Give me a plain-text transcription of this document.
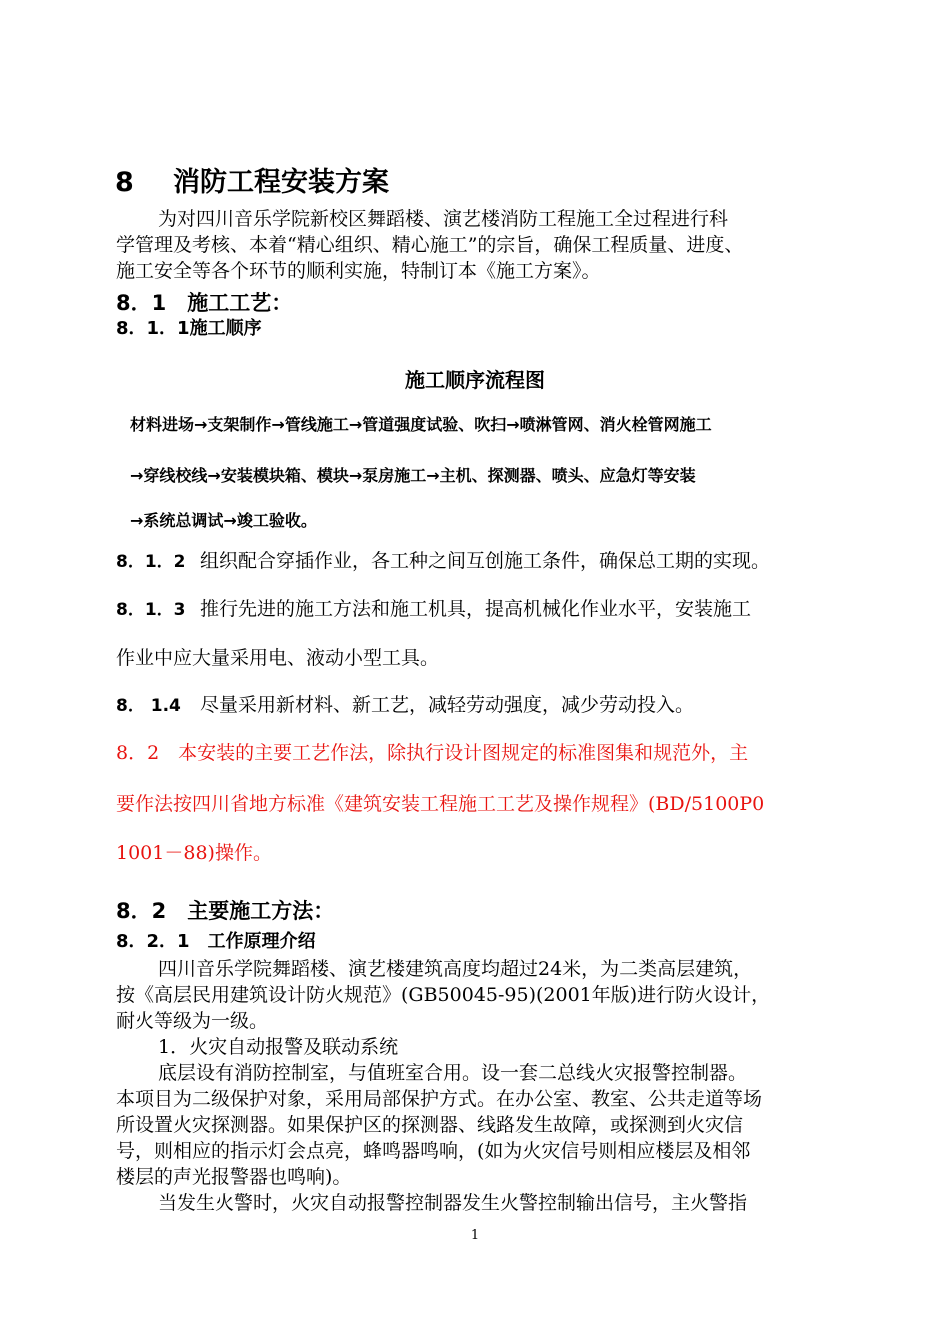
8 消防工程安装方案
为对四川音乐学院新校区舞蹈楼、演艺楼消防工程施工全过程进行科
学管理及考核、本着“精心组织、精心施工”的宗旨，确保工程质量、进度、
施工安全等各个环节的顺利实施，特制订本《施工方案》。
8．1　施工工艺：
8．1．1施工顺序
施工顺序流程图
材料进场→支架制作→管线施工→管道强度试验、吹扫→喷淋管网、消火栓管网施工
→穿线校线→安装模块箱、模块→泵房施工→主机、探测器、喷头、应急灯等安装
→系统总调试→竣工验收。
8．1．2 组织配合穿插作业，各工种之间互创施工条件，确保总工期的实现。
8．1．3 推行先进的施工方法和施工机具，提高机械化作业水平，安装施工
作业中应大量采用电、液动小型工具。
8． 1.4 尽量采用新材料、新工艺，减轻劳动强度，减少劳动投入。
8．2　本安装的主要工艺作法，除执行设计图规定的标准图集和规范外，主
要作法按四川省地方标准《建筑安装工程施工工艺及操作规程》(BD/5100P0
1001－88)操作。
8．2　主要施工方法：
8．2．1　工作原理介绍
四川音乐学院舞蹈楼、演艺楼建筑高度均超过24米，为二类高层建筑，
按《高层民用建筑设计防火规范》(GB50045-95)(2001年版)进行防火设计，
耐火等级为一级。
1．火灾自动报警及联动系统
底层设有消防控制室，与值班室合用。设一套二总线火灾报警控制器。
本项目为二级保护对象，采用局部保护方式。在办公室、教室、公共走道等场
所设置火灾探测器。如果保护区的探测器、线路发生故障，或探测到火灾信
号，则相应的指示灯会点亮，蜂鸣器鸣响，(如为火灾信号则相应楼层及相邻
楼层的声光报警器也鸣响)。
当发生火警时，火灾自动报警控制器发生火警控制输出信号，主火警指
1
